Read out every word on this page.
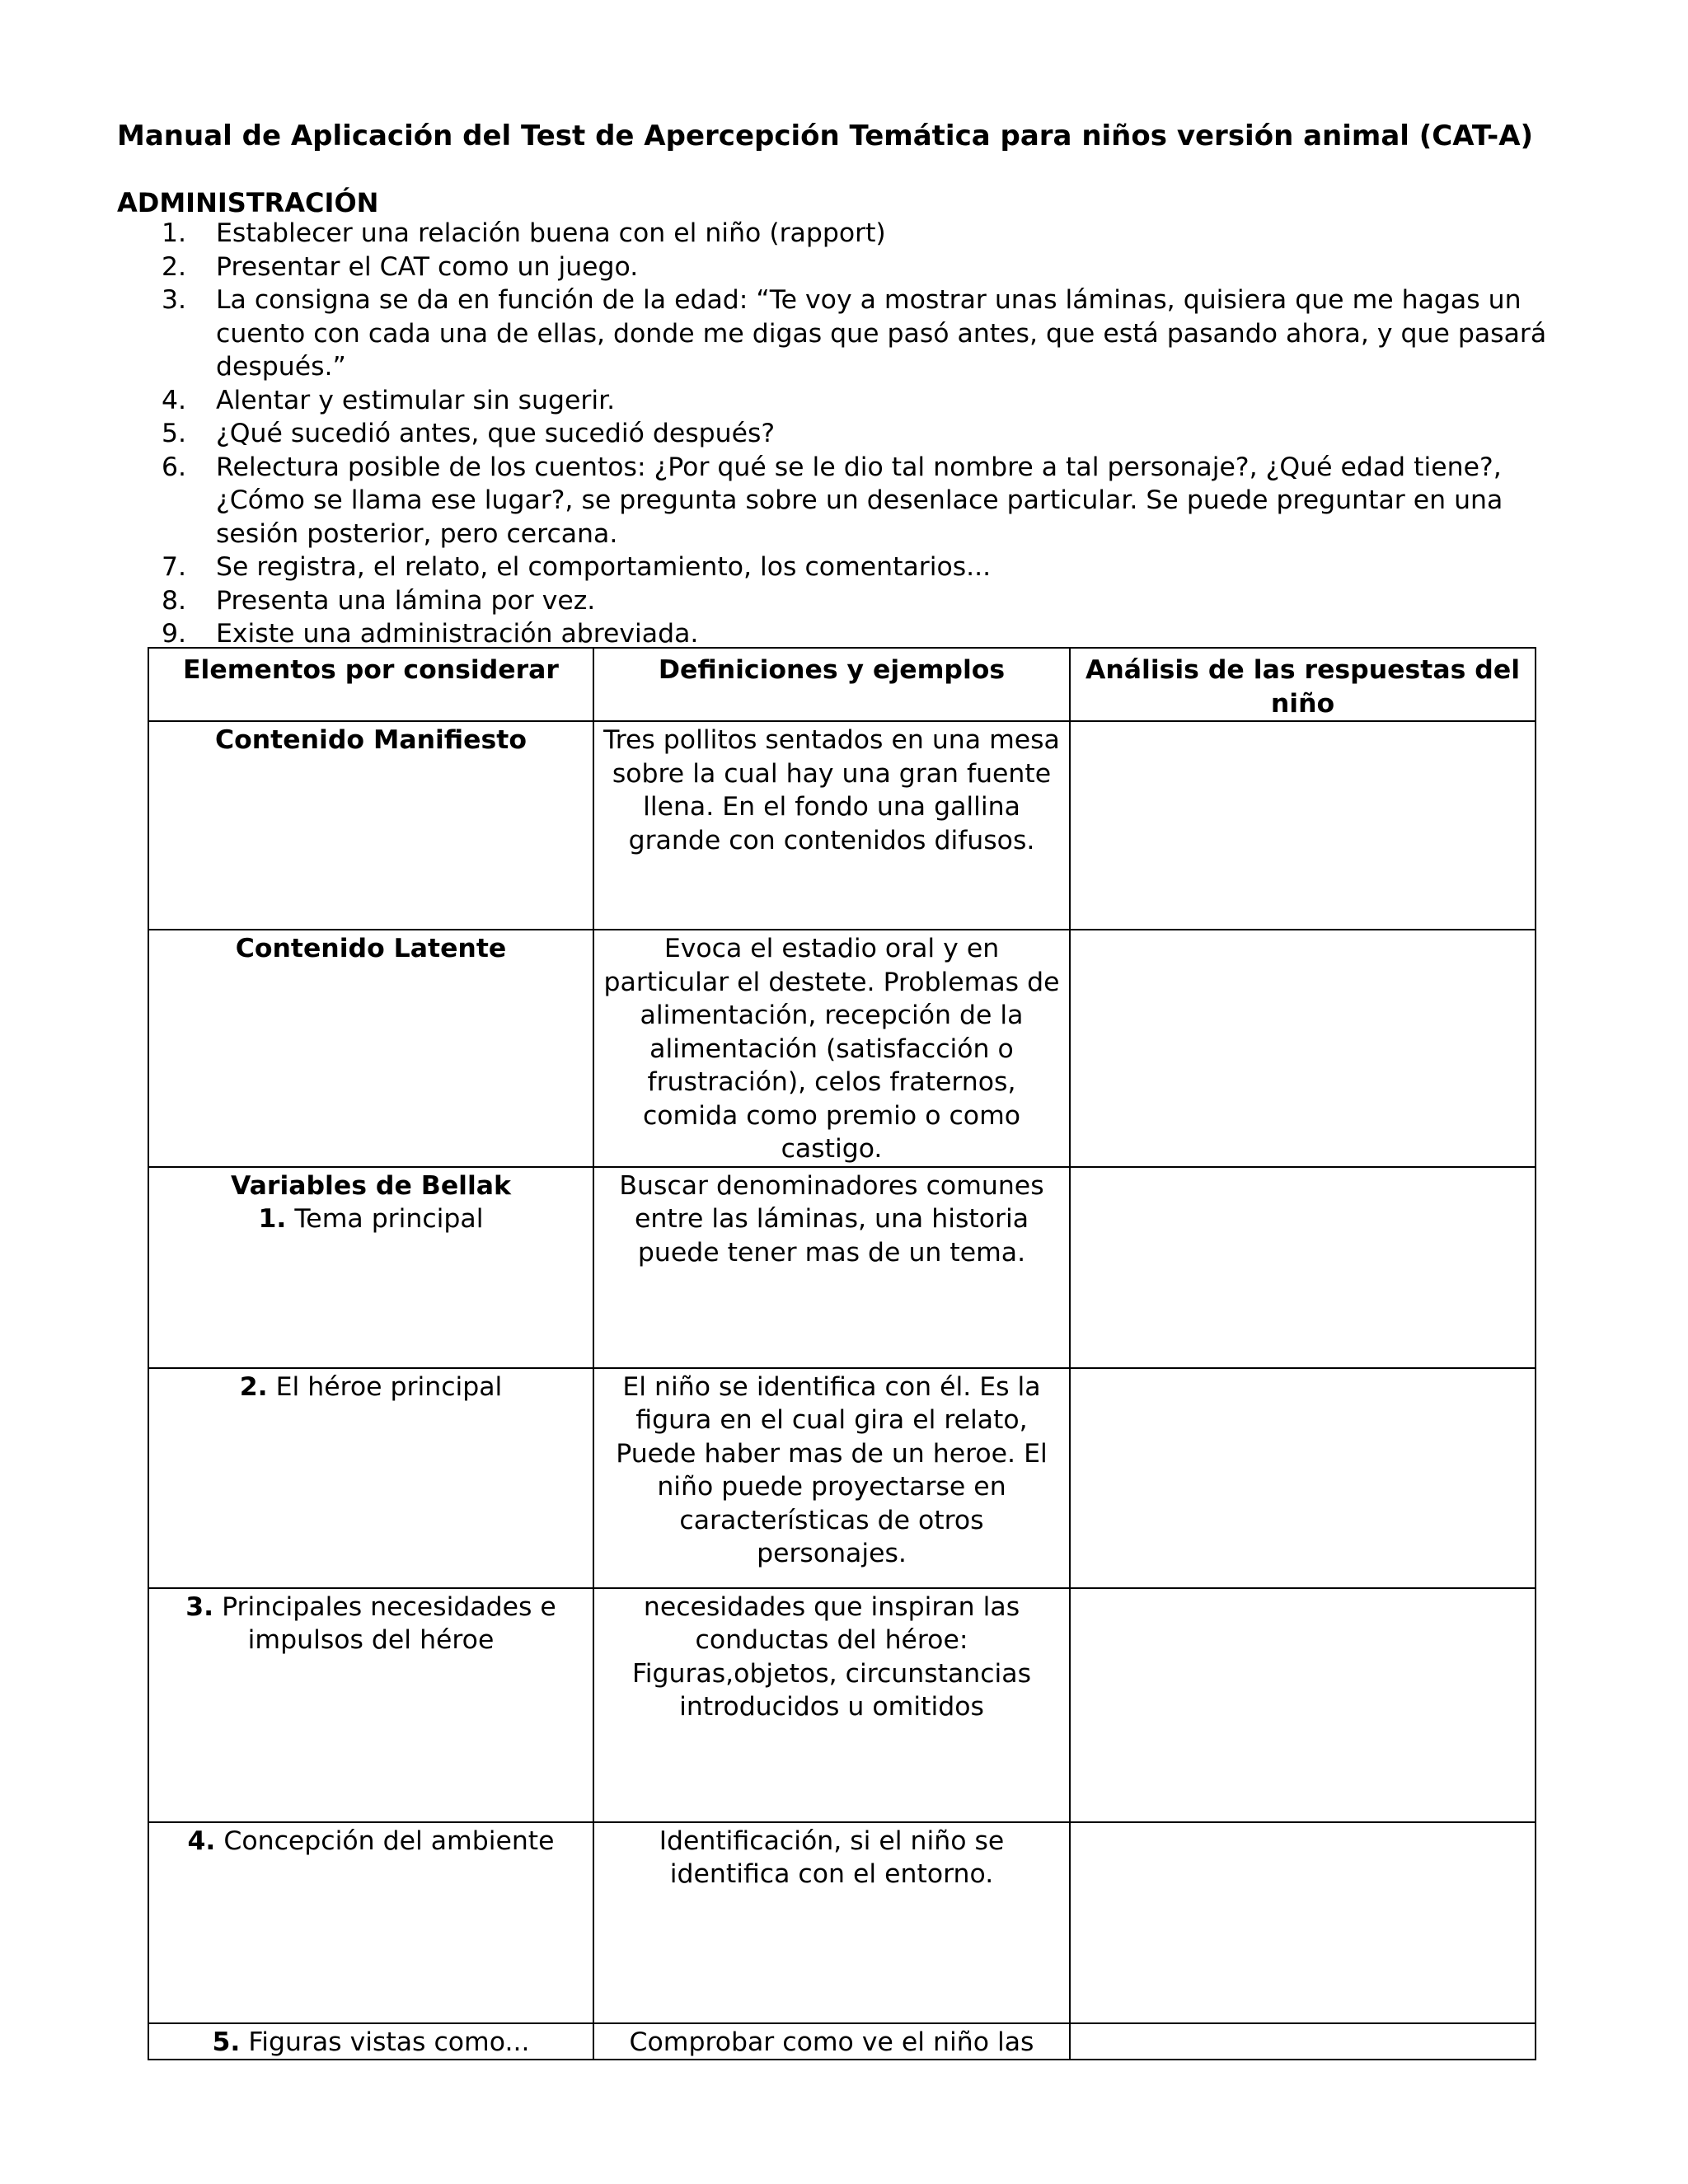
Manual de Aplicación del Test de Apercepción Temática para niños versión animal (CAT-A)
ADMINISTRACIÓN
1. Establecer una relación buena con el niño (rapport)
2. Presentar el CAT como un juego.
3. La consigna se da en función de la edad: “Te voy a mostrar unas láminas, quisiera que me hagas un cuento con cada una de ellas, donde me digas que pasó antes, que está pasando ahora, y que pasará después.”
4. Alentar y estimular sin sugerir.
5. ¿Qué sucedió antes, que sucedió después?
6. Relectura posible de los cuentos: ¿Por qué se le dio tal nombre a tal personaje?, ¿Qué edad tiene?, ¿Cómo se llama ese lugar?, se pregunta sobre un desenlace particular. Se puede preguntar en una sesión posterior, pero cercana.
7. Se registra, el relato, el comportamiento, los comentarios...
8. Presenta una lámina por vez.
9. Existe una administración abreviada.
Elementos por considerar	Definiciones y ejemplos	Análisis de las respuestas del niño

Contenido Manifiesto	Tres pollitos sentados en una mesa sobre la cual hay una gran fuente llena. En el fondo una gallina grande con contenidos difusos.	

Contenido Latente	Evoca el estadio oral y en particular el destete. Problemas de alimentación, recepción de la alimentación (satisfacción o frustración), celos fraternos, comida como premio o como castigo.	

Variables de Bellak
1. Tema principal	Buscar denominadores comunes entre las láminas, una historia puede tener mas de un tema.	

2. El héroe principal	El niño se identifica con él. Es la figura en el cual gira el relato, Puede haber mas de un heroe. El niño puede proyectarse en características de otros personajes.	

3. Principales necesidades e impulsos del héroe	necesidades que inspiran las conductas del héroe: Figuras,objetos, circunstancias introducidos u omitidos	

4. Concepción del ambiente	Identificación, si el niño se identifica con el entorno.	

5. Figuras vistas como...	Comprobar como ve el niño las	
